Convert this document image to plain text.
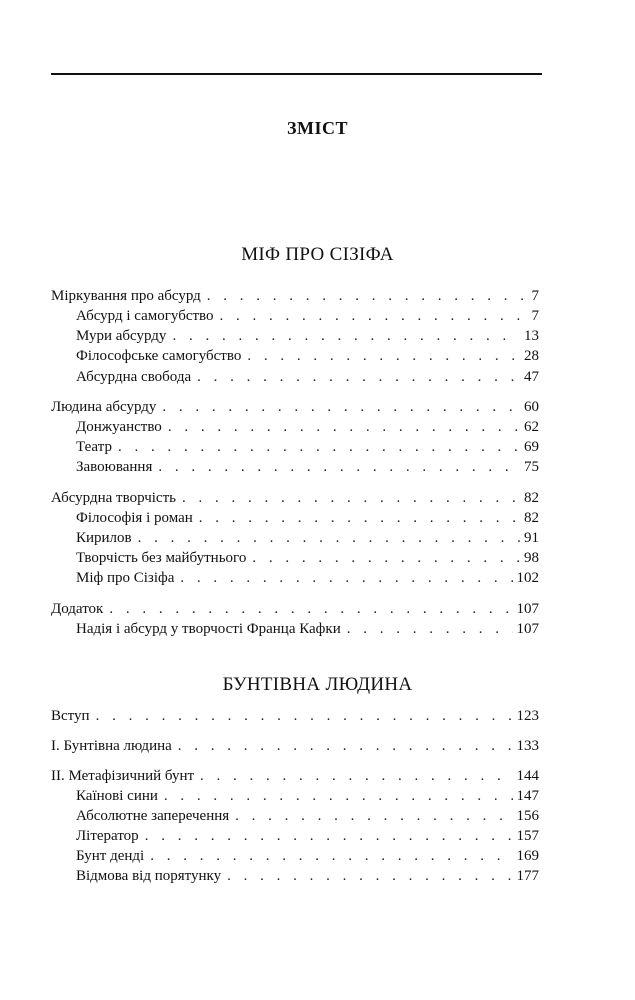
ЗМІСТ
МІФ ПРО СІЗІФА
Міркування про абсурд . . .	7
Абсурд і самогубство . . .	7
Мури абсурду . . .	13
Філософське самогубство . . .	28
Абсурдна свобода . . .	47
Людина абсурду . . .	60
Донжуанство . . .	62
Театр . . .	69
Завоювання . . .	75
Абсурдна творчість . . .	82
Філософія і роман . . .	82
Кирилов . . .	91
Творчість без майбутнього . . .	98
Міф про Сізіфа . . .	102
Додаток . . .	107
Надія і абсурд у творчості Франца Кафки . . .	107
БУНТІВНА ЛЮДИНА
Вступ . . .	123
I. Бунтівна людина . . .	133
II. Метафізичний бунт . . .	144
Каїнові сини . . .	147
Абсолютне заперечення . . .	156
Літератор . . .	157
Бунт денді . . .	169
Відмова від порятунку . . .	177
